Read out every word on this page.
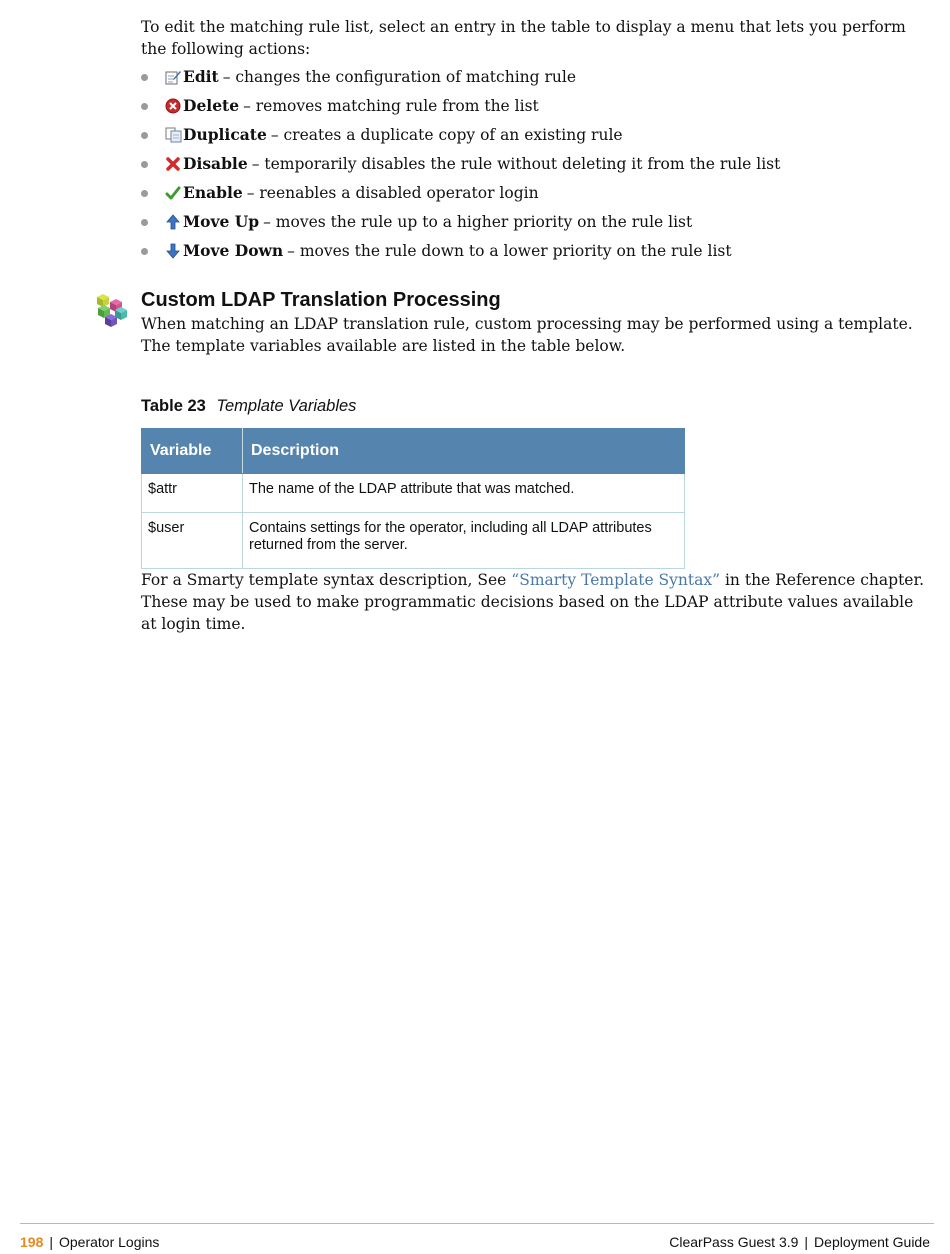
To edit the matching rule list, select an entry in the table to display a menu that lets you perform the following actions:

Edit – changes the configuration of matching rule
Delete – removes matching rule from the list
Duplicate – creates a duplicate copy of an existing rule
Disable – temporarily disables the rule without deleting it from the rule list
Enable – reenables a disabled operator login
Move Up – moves the rule up to a higher priority on the rule list
Move Down – moves the rule down to a lower priority on the rule list
Custom LDAP Translation Processing

When matching an LDAP translation rule, custom processing may be performed using a template.

The template variables available are listed in the table below.

Table 23 Template Variables
Variable	Description
$attr	The name of the LDAP attribute that was matched.
$user	Contains settings for the operator, including all LDAP attributes returned from the server.

For a Smarty template syntax description, See “Smarty Template Syntax” in the Reference chapter. These may be used to make programmatic decisions based on the LDAP attribute values available at login time.

198 | Operator Logins	ClearPass Guest 3.9 | Deployment Guide
